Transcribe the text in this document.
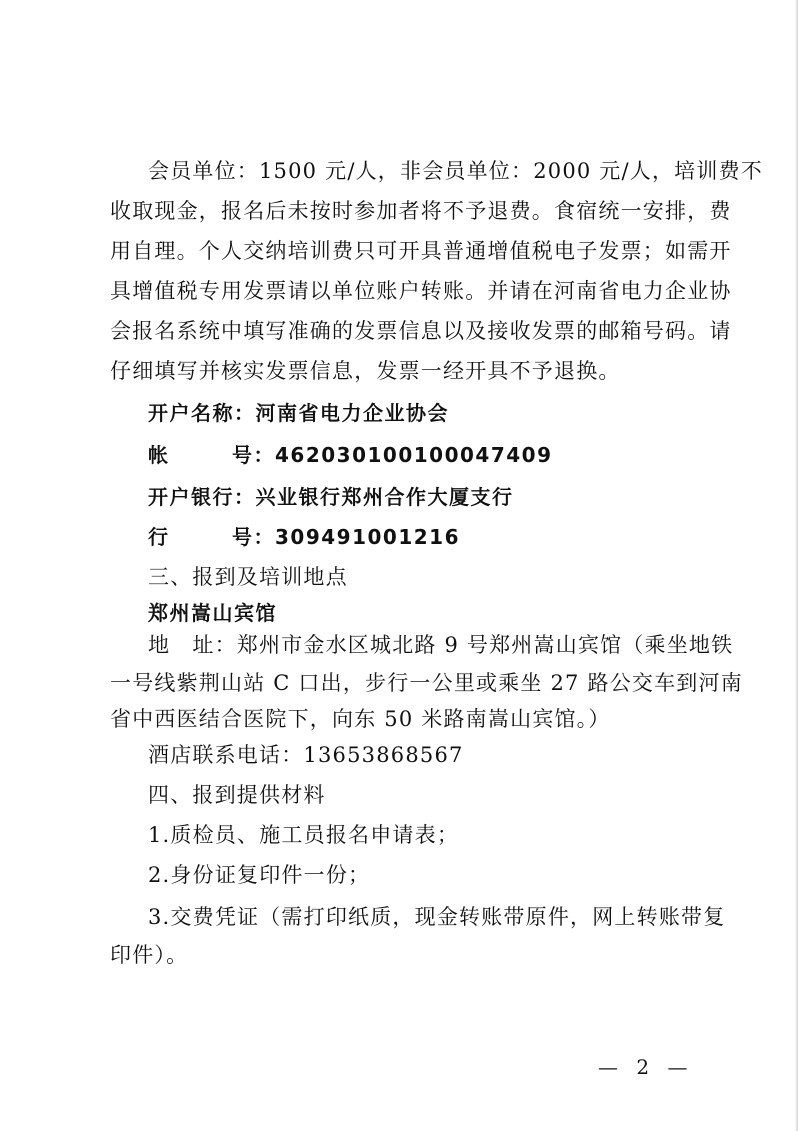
会员单位：1500 元/人，非会员单位：2000 元/人，培训费不
收取现金，报名后未按时参加者将不予退费。食宿统一安排，费
用自理。个人交纳培训费只可开具普通增值税电子发票；如需开
具增值税专用发票请以单位账户转账。并请在河南省电力企业协
会报名系统中填写准确的发票信息以及接收发票的邮箱号码。请
仔细填写并核实发票信息，发票一经开具不予退换。
开户名称：河南省电力企业协会
帐	号：462030100100047409
开户银行：兴业银行郑州合作大厦支行
行	号：309491001216
三、报到及培训地点
郑州嵩山宾馆
地　址：郑州市金水区城北路 9 号郑州嵩山宾馆（乘坐地铁
一号线紫荆山站 C 口出，步行一公里或乘坐 27 路公交车到河南
省中西医结合医院下，向东 50 米路南嵩山宾馆。）
酒店联系电话：13653868567
四、报到提供材料
1.质检员、施工员报名申请表；
2.身份证复印件一份；
3.交费凭证（需打印纸质，现金转账带原件，网上转账带复
印件）。
— 2 —
